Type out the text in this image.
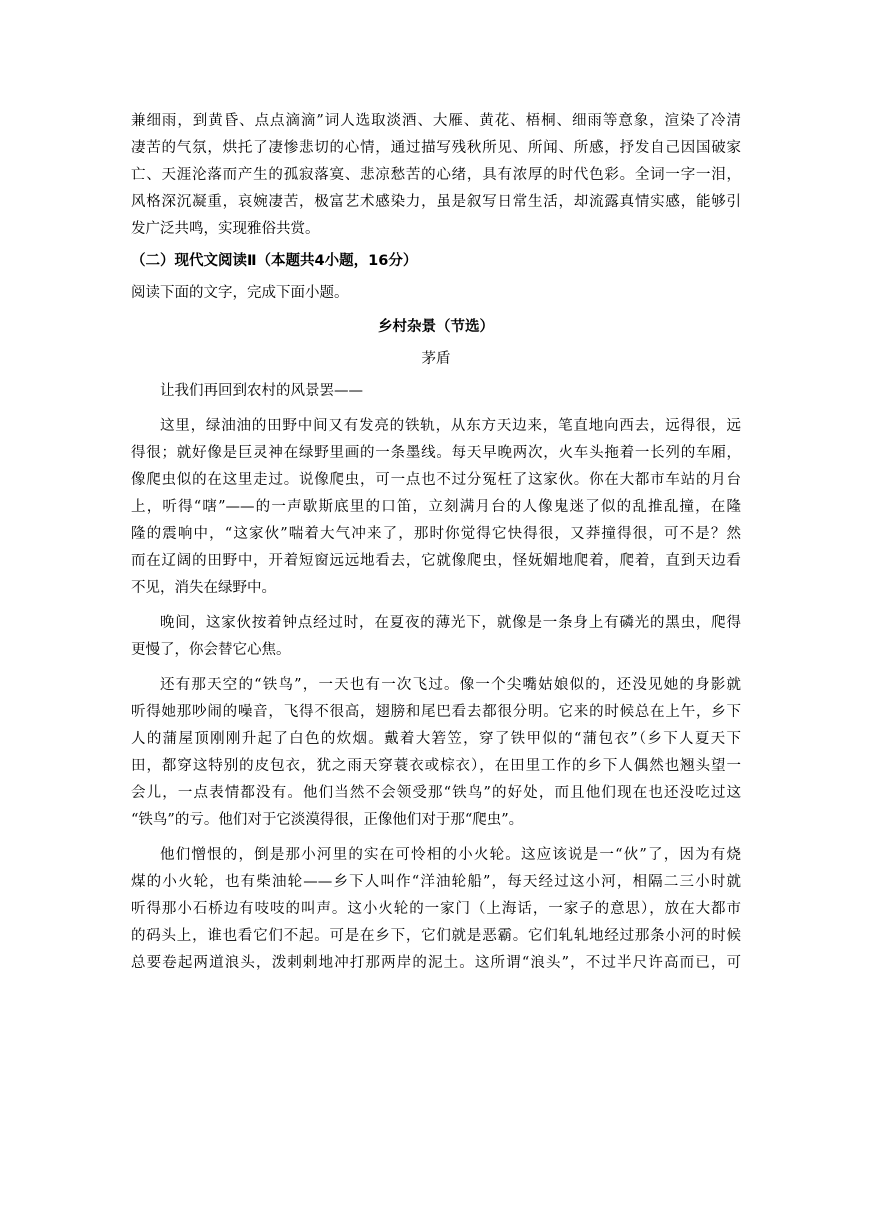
兼细雨，到黄昏、点点滴滴”词人选取淡酒、大雁、黄花、梧桐、细雨等意象，渲染了冷清
凄苦的气氛，烘托了凄惨悲切的心情，通过描写残秋所见、所闻、所感，抒发自己因国破家
亡、天涯沦落而产生的孤寂落寞、悲凉愁苦的心绪，具有浓厚的时代色彩。全词一字一泪，
风格深沉凝重，哀婉凄苦，极富艺术感染力，虽是叙写日常生活，却流露真情实感，能够引
发广泛共鸣，实现雅俗共赏。
（二）现代文阅读Ⅱ（本题共4小题，16分）
阅读下面的文字，完成下面小题。
乡村杂景（节选）
茅盾
让我们再回到农村的风景罢——
这里，绿油油的田野中间又有发亮的铁轨，从东方天边来，笔直地向西去，远得很，远
得很；就好像是巨灵神在绿野里画的一条墨线。每天早晚两次，火车头拖着一长列的车厢，
像爬虫似的在这里走过。说像爬虫，可一点也不过分冤枉了这家伙。你在大都市车站的月台
上，听得“嗐”——的一声歇斯底里的口笛，立刻满月台的人像鬼迷了似的乱推乱撞，在隆
隆的震响中，“这家伙”喘着大气冲来了，那时你觉得它快得很，又莽撞得很，可不是？然
而在辽阔的田野中，开着短窗远远地看去，它就像爬虫，怪妩媚地爬着，爬着，直到天边看
不见，消失在绿野中。
晚间，这家伙按着钟点经过时，在夏夜的薄光下，就像是一条身上有磷光的黑虫，爬得
更慢了，你会替它心焦。
还有那天空的“铁鸟”，一天也有一次飞过。像一个尖嘴姑娘似的，还没见她的身影就
听得她那吵闹的噪音，飞得不很高，翅膀和尾巴看去都很分明。它来的时候总在上午，乡下
人的蒲屋顶刚刚升起了白色的炊烟。戴着大箬笠，穿了铁甲似的“蒲包衣”（乡下人夏天下
田，都穿这特别的皮包衣，犹之雨天穿蓑衣或棕衣），在田里工作的乡下人偶然也翘头望一
会儿，一点表情都没有。他们当然不会领受那“铁鸟”的好处，而且他们现在也还没吃过这
“铁鸟”的亏。他们对于它淡漠得很，正像他们对于那“爬虫”。
他们憎恨的，倒是那小河里的实在可怜相的小火轮。这应该说是一“伙”了，因为有烧
煤的小火轮，也有柴油轮——乡下人叫作“洋油轮船”，每天经过这小河，相隔二三小时就
听得那小石桥边有吱吱的叫声。这小火轮的一家门（上海话，一家子的意思），放在大都市
的码头上，谁也看它们不起。可是在乡下，它们就是恶霸。它们轧轧地经过那条小河的时候
总要卷起两道浪头，泼剌剌地冲打那两岸的泥土。这所谓“浪头”，不过半尺许高而已，可
